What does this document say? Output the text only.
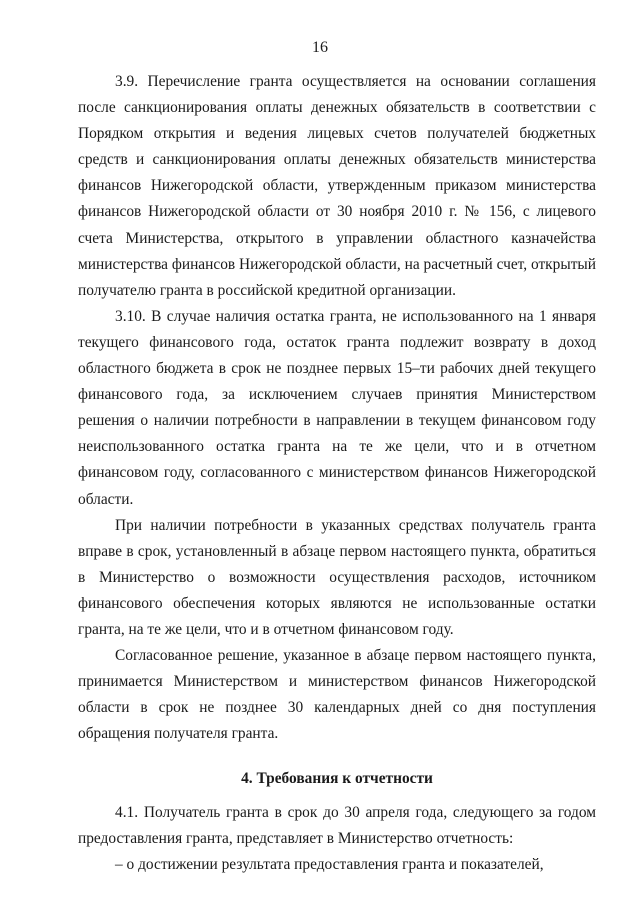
16

3.9. Перечисление гранта осуществляется на основании соглашения после санкционирования оплаты денежных обязательств в соответствии с Порядком открытия и ведения лицевых счетов получателей бюджетных средств и санкционирования оплаты денежных обязательств министерства финансов Нижегородской области, утвержденным приказом министерства финансов Нижегородской области от 30 ноября 2010 г. № 156, с лицевого счета Министерства, открытого в управлении областного казначейства министерства финансов Нижегородской области, на расчетный счет, открытый получателю гранта в российской кредитной организации.

3.10. В случае наличия остатка гранта, не использованного на 1 января текущего финансового года, остаток гранта подлежит возврату в доход областного бюджета в срок не позднее первых 15–ти рабочих дней текущего финансового года, за исключением случаев принятия Министерством решения о наличии потребности в направлении в текущем финансовом году неиспользованного остатка гранта на те же цели, что и в отчетном финансовом году, согласованного с министерством финансов Нижегородской области.

При наличии потребности в указанных средствах получатель гранта вправе в срок, установленный в абзаце первом настоящего пункта, обратиться в Министерство о возможности осуществления расходов, источником финансового обеспечения которых являются не использованные остатки гранта, на те же цели, что и в отчетном финансовом году.

Согласованное решение, указанное в абзаце первом настоящего пункта, принимается Министерством и министерством финансов Нижегородской области в срок не позднее 30 календарных дней со дня поступления обращения получателя гранта.

4. Требования к отчетности

4.1. Получатель гранта в срок до 30 апреля года, следующего за годом предоставления гранта, представляет в Министерство отчетность:

– о достижении результата предоставления гранта и показателей,
